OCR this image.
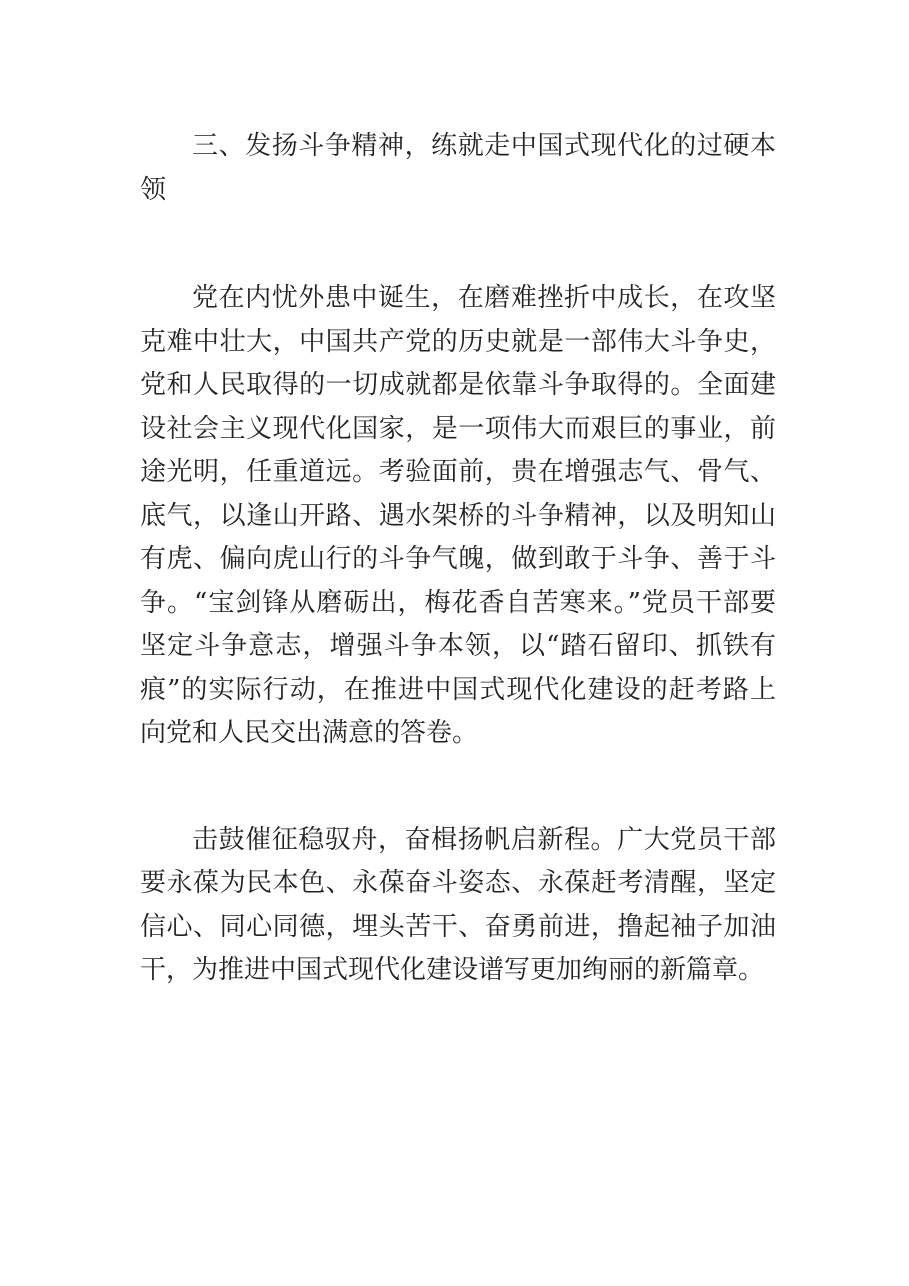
三、发扬斗争精神，练就走中国式现代化的过硬本领

党在内忧外患中诞生，在磨难挫折中成长，在攻坚克难中壮大，中国共产党的历史就是一部伟大斗争史，党和人民取得的一切成就都是依靠斗争取得的。全面建设社会主义现代化国家，是一项伟大而艰巨的事业，前途光明，任重道远。考验面前，贵在增强志气、骨气、底气，以逢山开路、遇水架桥的斗争精神，以及明知山有虎、偏向虎山行的斗争气魄，做到敢于斗争、善于斗争。“宝剑锋从磨砺出，梅花香自苦寒来。”党员干部要坚定斗争意志，增强斗争本领，以“踏石留印、抓铁有痕”的实际行动，在推进中国式现代化建设的赶考路上向党和人民交出满意的答卷。

击鼓催征稳驭舟，奋楫扬帆启新程。广大党员干部要永葆为民本色、永葆奋斗姿态、永葆赶考清醒，坚定信心、同心同德，埋头苦干、奋勇前进，撸起袖子加油干，为推进中国式现代化建设谱写更加绚丽的新篇章。
